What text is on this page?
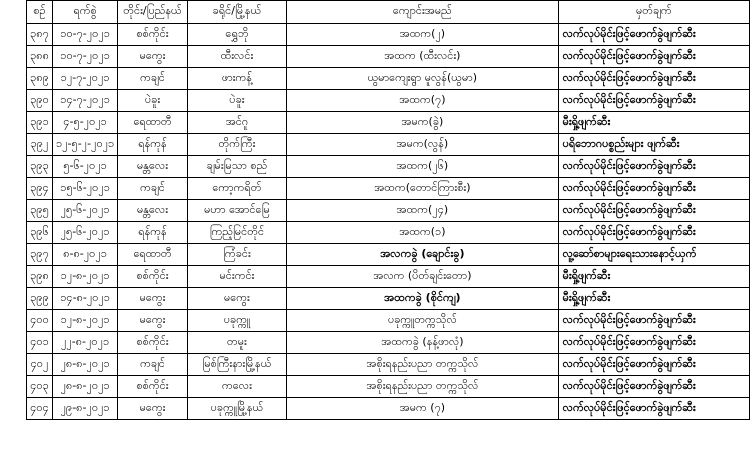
စဉ်	ရက်စွဲ	တိုင်း/ပြည်နယ်	ခရိုင်/မြို့နယ်	ကျောင်းအမည်	မှတ်ချက်
၃၈၇	၁၀-၇-၂၀၂၁	စစ်ကိုင်း	ရွှေဘို	အထက(၂)	လက်လုပ်မိုင်းဖြင့်ဖောက်ခွဲဖျက်ဆီး
၃၈၈	၁၀-၇-၂၀၂၁	မကွေး	ထီးလင်း	အထက (ထီးလင်း)	လက်လုပ်မိုင်းဖြင့်ဖောက်ခွဲဖျက်ဆီး
၃၈၉	၁၂-၇-၂၀၂၁	ကချင်	ဖားကန့်	ယွမာကျေးရွာ မူလွန်(ယွမာ)	လက်လုပ်မိုင်းဖြင့်ဖောက်ခွဲဖျက်ဆီး
၃၉၀	၁၄-၇-၂၀၂၁	ပဲခူး	ပဲခူး	အထက(၇)	လက်လုပ်မိုင်းဖြင့်ဖောက်ခွဲဖျက်ဆီး
၃၉၁	၄-၅-၂၀၂၁	ရေထာတီ	အင်ဂူ	အမက(ခွဲ)	မီးရှို့ဖျက်ဆီး
၃၉၂	၁၂-၅-၂-၂၀၂၁	ရန်ကုန်	တိုက်ကြီး	အမက(လွန်)	ပရိဘောဂပစ္စည်းများ ဖျက်ဆီး
၃၉၃	၅-၆-၂၀၂၁	မန္တလေး	ချမ်းမြသာ စည်	အထက(၂၆)	လက်လုပ်မိုင်းဖြင့်ဖောက်ခွဲဖျက်ဆီး
၃၉၄	၁၅-၆-၂၀၂၁	ကချင်	ကော့ကရိတ်	အထက(တောင်ကြားစီး)	လက်လုပ်မိုင်းဖြင့်ဖောက်ခွဲဖျက်ဆီး
၃၉၅	၂၅-၆-၂၀၂၁	မန္တလေး	မဟာ အောင်မြေ	အထက(၂၄)	လက်လုပ်မိုင်းဖြင့်ဖောက်ခွဲဖျက်ဆီး
၃၉၆	၂၅-၆-၂၀၂၁	ရန်ကုန်	ကြည့်မြင်တိုင်	အထက(၁)	လက်လုပ်မိုင်းဖြင့်ဖောက်ခွဲဖျက်ဆီး
၃၉၇	၈-၈-၂၀၂၁	ရေထာတီ	ကြံခင်း	အလကခွဲ (ချောင်းခွ)	လူ့ဆော်စာများရေးသားနောင့်ယှက်
၃၉၈	၁၂-၈-၂၀၂၁	စစ်ကိုင်း	မင်းကင်း	အလက (ပိတ်ချင်းတော)	မီးရှို့ဖျက်ဆီး
၃၉၉	၁၄-၈-၂၀၂၁	မကွေး	မကွေး	အထကခွဲ (စိုင်ကျ)	မီးရှို့ဖျက်ဆီး
၄၀၀	၁၂-၈-၂၀၂၁	မကွေး	ပခုက္ကူ	ပခုက္ကူတက္ကသိုလ်	လက်လုပ်မိုင်းဖြင့်ဖောက်ခွဲဖျက်ဆီး
၄၀၁	၂၂-၈-၂၀၂၁	စစ်ကိုင်း	တမူး	အထကခွဲ (နန့်ဖာလုံ)	လက်လုပ်မိုင်းဖြင့်ဖောက်ခွဲဖျက်ဆီး
၄၀၂	၂၈-၈-၂၀၂၁	ကချင်	မြစ်ကြီးနားမြို့နယ်	အစိုးရနည်းပညာ တက္ကသိုလ်	လက်လုပ်မိုင်းဖြင့်ဖောက်ခွဲဖျက်ဆီး
၄၀၃	၂၈-၈-၂၀၂၁	စစ်ကိုင်း	ကလေး	အစိုးရနည်းပညာ တက္ကသိုလ်	လက်လုပ်မိုင်းဖြင့်ဖောက်ခွဲဖျက်ဆီး
၄၀၄	၂၉-၈-၂၀၂၁	မကွေး	ပခုက္ကူမြို့နယ်	အမက (၇)	လက်လုပ်မိုင်းဖြင့်ဖောက်ခွဲဖျက်ဆီး
